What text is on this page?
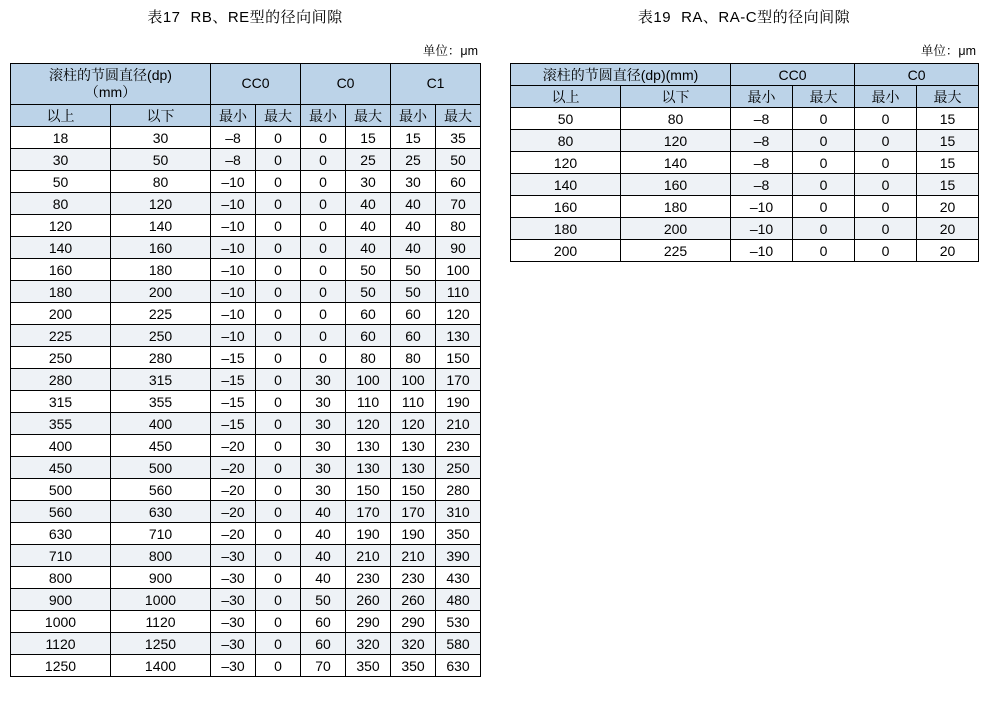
表17 RB、RE型的径向间隙
单位：μm
滚柱的节圆直径(dp)
（mm）		CC0		C0		C1	
以上	以下	最小	最大	最小	最大	最小	最大
18	30	–8	0	0	15	15	35
30	50	–8	0	0	25	25	50
50	80	–10	0	0	30	30	60
80	120	–10	0	0	40	40	70
120	140	–10	0	0	40	40	80
140	160	–10	0	0	40	40	90
160	180	–10	0	0	50	50	100
180	200	–10	0	0	50	50	110
200	225	–10	0	0	60	60	120
225	250	–10	0	0	60	60	130
250	280	–15	0	0	80	80	150
280	315	–15	0	30	100	100	170
315	355	–15	0	30	110	110	190
355	400	–15	0	30	120	120	210
400	450	–20	0	30	130	130	230
450	500	–20	0	30	130	130	250
500	560	–20	0	30	150	150	280
560	630	–20	0	40	170	170	310
630	710	–20	0	40	190	190	350
710	800	–30	0	40	210	210	390
800	900	–30	0	40	230	230	430
900	1000	–30	0	50	260	260	480
1000	1120	–30	0	60	290	290	530
1120	1250	–30	0	60	320	320	580
1250	1400	–30	0	70	350	350	630
表19 RA、RA-C型的径向间隙
单位：μm
滚柱的节圆直径(dp)(mm)		CC0		C0	
以上	以下	最小	最大	最小	最大
50	80	–8	0	0	15
80	120	–8	0	0	15
120	140	–8	0	0	15
140	160	–8	0	0	15
160	180	–10	0	0	20
180	200	–10	0	0	20
200	225	–10	0	0	20
